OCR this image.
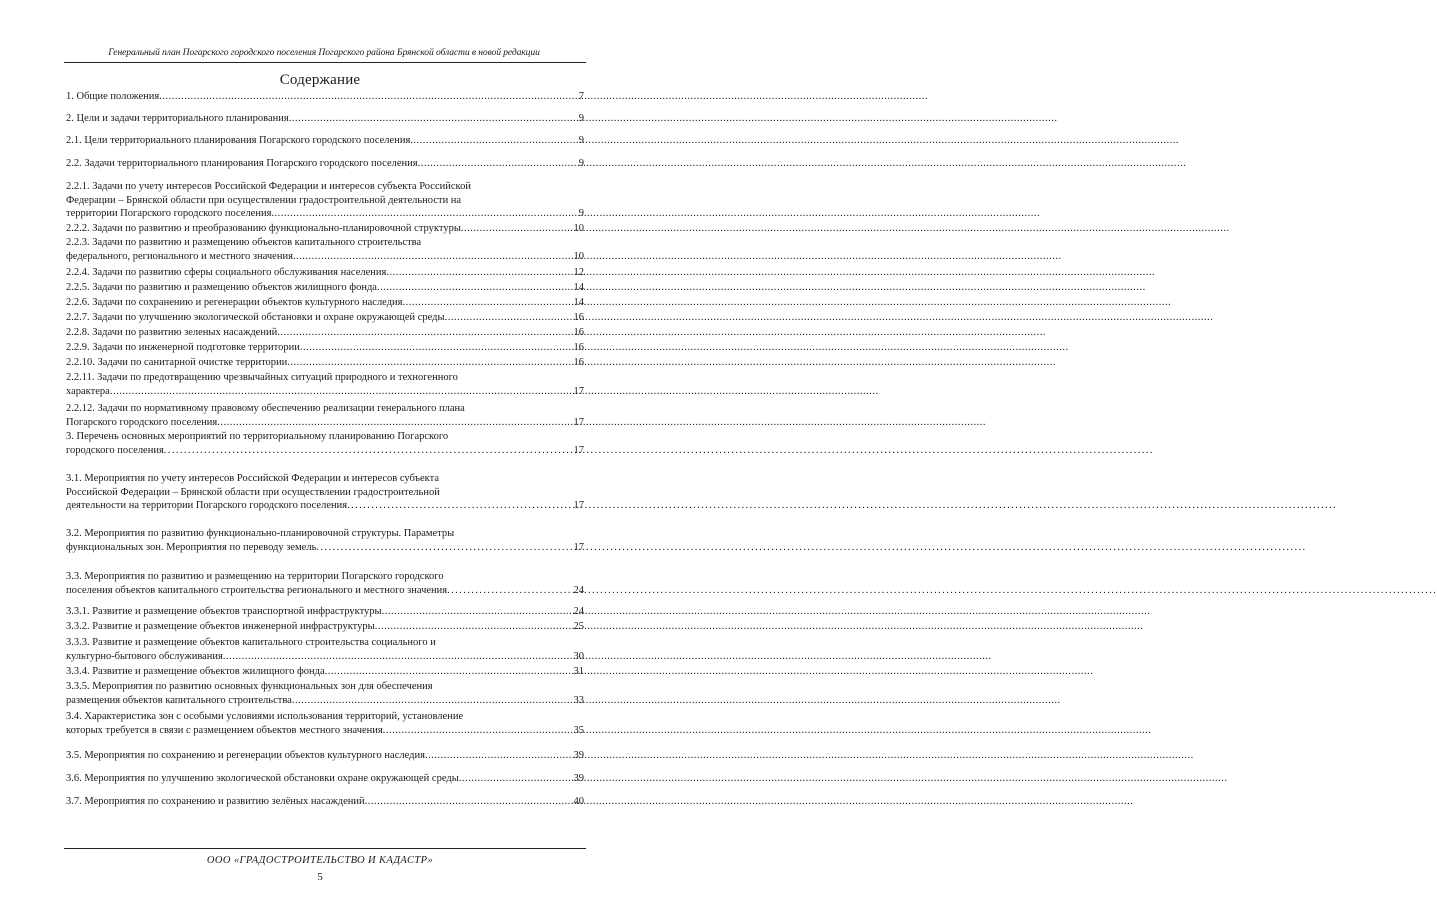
Генеральный план Погарского городского поселения Погарского района Брянской области в новой редакции
Содержание
1. Общие положения .....	7
2. Цели и задачи территориального планирования .....	9
2.1. Цели территориального планирования Погарского городского поселения .....	9
2.2. Задачи территориального планирования Погарского городского поселения .....	9
2.2.1. Задачи по учету интересов Российской Федерации и интересов субъекта Российской
Федерации – Брянской области при осуществлении градостроительной деятельности на
территории Погарского городского поселения .....	9
2.2.2. Задачи по развитию и преобразованию функционально-планировочной структуры .....	10
2.2.3. Задачи по развитию и размещению объектов капитального строительства
федерального, регионального и местного значения .....	10
2.2.4. Задачи по развитию сферы социального обслуживания населения .....	12
2.2.5. Задачи по развитию и размещению объектов жилищного фонда .....	14
2.2.6. Задачи по сохранению и регенерации объектов культурного наследия .....	14
2.2.7. Задачи по улучшению экологической обстановки и охране окружающей среды .....	16
2.2.8. Задачи по развитию зеленых насаждений .....	16
2.2.9. Задачи по инженерной подготовке территории .....	16
2.2.10. Задачи по санитарной очистке территории .....	16
2.2.11. Задачи по предотвращению чрезвычайных ситуаций природного и техногенного
характера .....	17
2.2.12. Задачи по нормативному правовому обеспечению реализации генерального плана
Погарского городского поселения .....	17
3. Перечень основных мероприятий по территориальному планированию Погарского
городского поселения .....	17
3.1. Мероприятия по учету интересов Российской Федерации и интересов субъекта
Российской Федерации – Брянской области при осуществлении градостроительной
деятельности на территории Погарского городского поселения .....	17
3.2. Мероприятия по развитию функционально-планировочной структуры. Параметры
функциональных зон. Мероприятия по переводу земель .....	17
3.3. Мероприятия по развитию и размещению на территории Погарского городского
поселения объектов капитального строительства регионального и местного значения .....	24
3.3.1. Развитие и размещение объектов транспортной инфраструктуры .....	24
3.3.2. Развитие и размещение объектов инженерной инфраструктуры .....	25
3.3.3. Развитие и размещение объектов капитального строительства социального и
культурно-бытового обслуживания .....	30
3.3.4. Развитие и размещение объектов жилищного фонда .....	31
3.3.5. Мероприятия по развитию основных функциональных зон для обеспечения
размещения объектов капитального строительства .....	33
3.4. Характеристика зон с особыми условиями использования территорий, установление
которых требуется в связи с размещением объектов местного значения .....	35
3.5. Мероприятия по сохранению и регенерации объектов культурного наследия .....	39
3.6. Мероприятия по улучшению экологической обстановки охране окружающей среды .....	39
3.7. Мероприятия по сохранению и развитию зелёных насаждений .....	40
ООО «ГРАДОСТРОИТЕЛЬСТВО И КАДАСТР»
5
